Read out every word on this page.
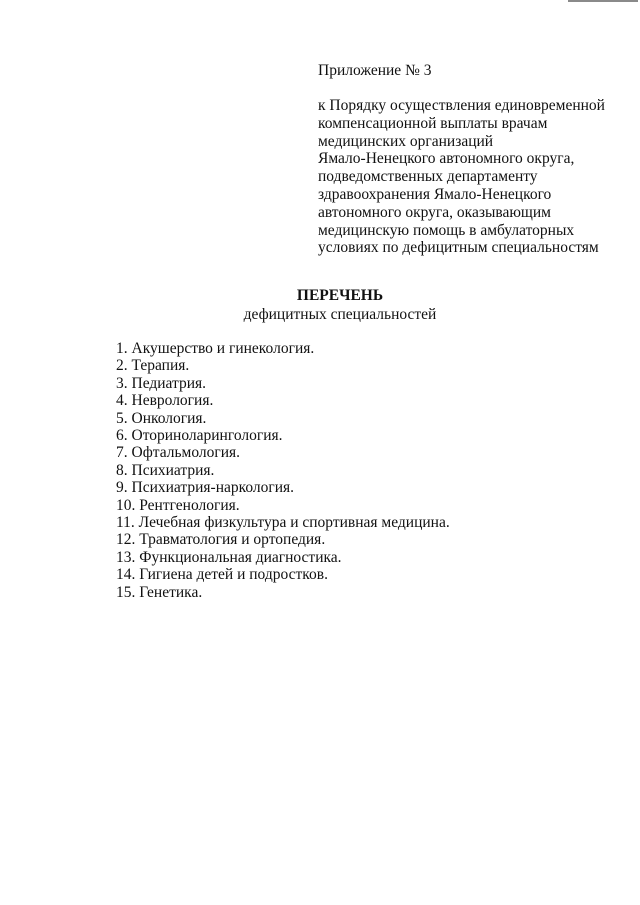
Приложение № 3
к Порядку осуществления единовременной
компенсационной выплаты врачам
медицинских организаций
Ямало-Ненецкого автономного округа,
подведомственных департаменту
здравоохранения Ямало-Ненецкого
автономного округа, оказывающим
медицинскую помощь в амбулаторных
условиях по дефицитным специальностям
ПЕРЕЧЕНЬ
дефицитных специальностей
1. Акушерство и гинекология.
2. Терапия.
3. Педиатрия.
4. Неврология.
5. Онкология.
6. Оториноларингология.
7. Офтальмология.
8. Психиатрия.
9. Психиатрия-наркология.
10. Рентгенология.
11. Лечебная физкультура и спортивная медицина.
12. Травматология и ортопедия.
13. Функциональная диагностика.
14. Гигиена детей и подростков.
15. Генетика.
